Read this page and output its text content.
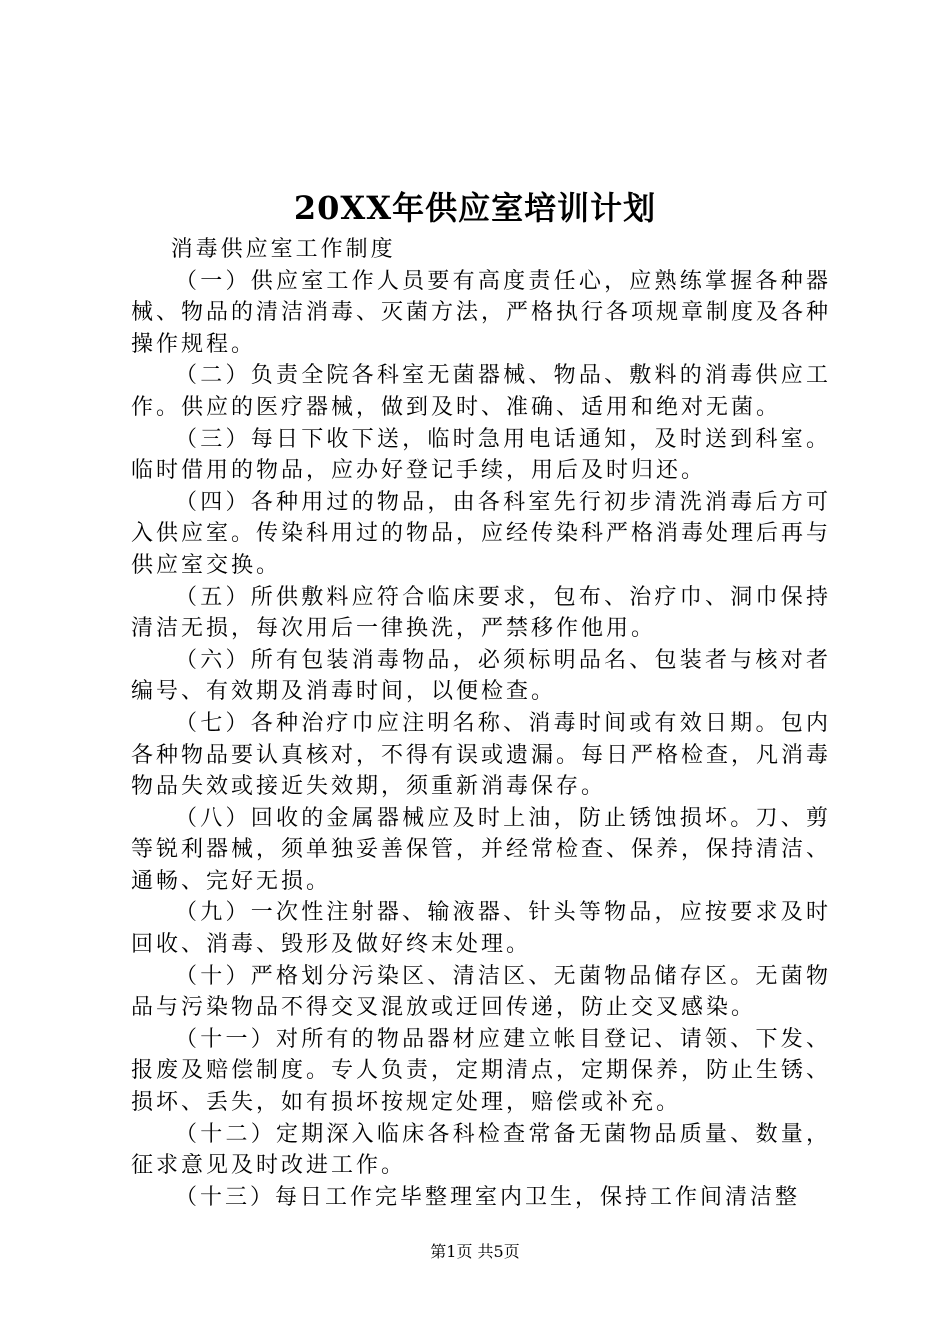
20XX年供应室培训计划

消毒供应室工作制度

（一）供应室工作人员要有高度责任心，应熟练掌握各种器械、物品的清洁消毒、灭菌方法，严格执行各项规章制度及各种操作规程。

（二）负责全院各科室无菌器械、物品、敷料的消毒供应工作。供应的医疗器械，做到及时、准确、适用和绝对无菌。

（三）每日下收下送，临时急用电话通知，及时送到科室。临时借用的物品，应办好登记手续，用后及时归还。

（四）各种用过的物品，由各科室先行初步清洗消毒后方可入供应室。传染科用过的物品，应经传染科严格消毒处理后再与供应室交换。

（五）所供敷料应符合临床要求，包布、治疗巾、洞巾保持清洁无损，每次用后一律换洗，严禁移作他用。

（六）所有包装消毒物品，必须标明品名、包装者与核对者编号、有效期及消毒时间，以便检查。

（七）各种治疗巾应注明名称、消毒时间或有效日期。包内各种物品要认真核对，不得有误或遗漏。每日严格检查，凡消毒物品失效或接近失效期，须重新消毒保存。

（八）回收的金属器械应及时上油，防止锈蚀损坏。刀、剪等锐利器械，须单独妥善保管，并经常检查、保养，保持清洁、通畅、完好无损。

（九）一次性注射器、输液器、针头等物品，应按要求及时回收、消毒、毁形及做好终末处理。

（十）严格划分污染区、清洁区、无菌物品储存区。无菌物品与污染物品不得交叉混放或迂回传递，防止交叉感染。

（十一）对所有的物品器材应建立帐目登记、请领、下发、报废及赔偿制度。专人负责，定期清点，定期保养，防止生锈、损坏、丢失，如有损坏按规定处理，赔偿或补充。

（十二）定期深入临床各科检查常备无菌物品质量、数量，征求意见及时改进工作。

（十三）每日工作完毕整理室内卫生，保持工作间清洁整

第1页 共5页
